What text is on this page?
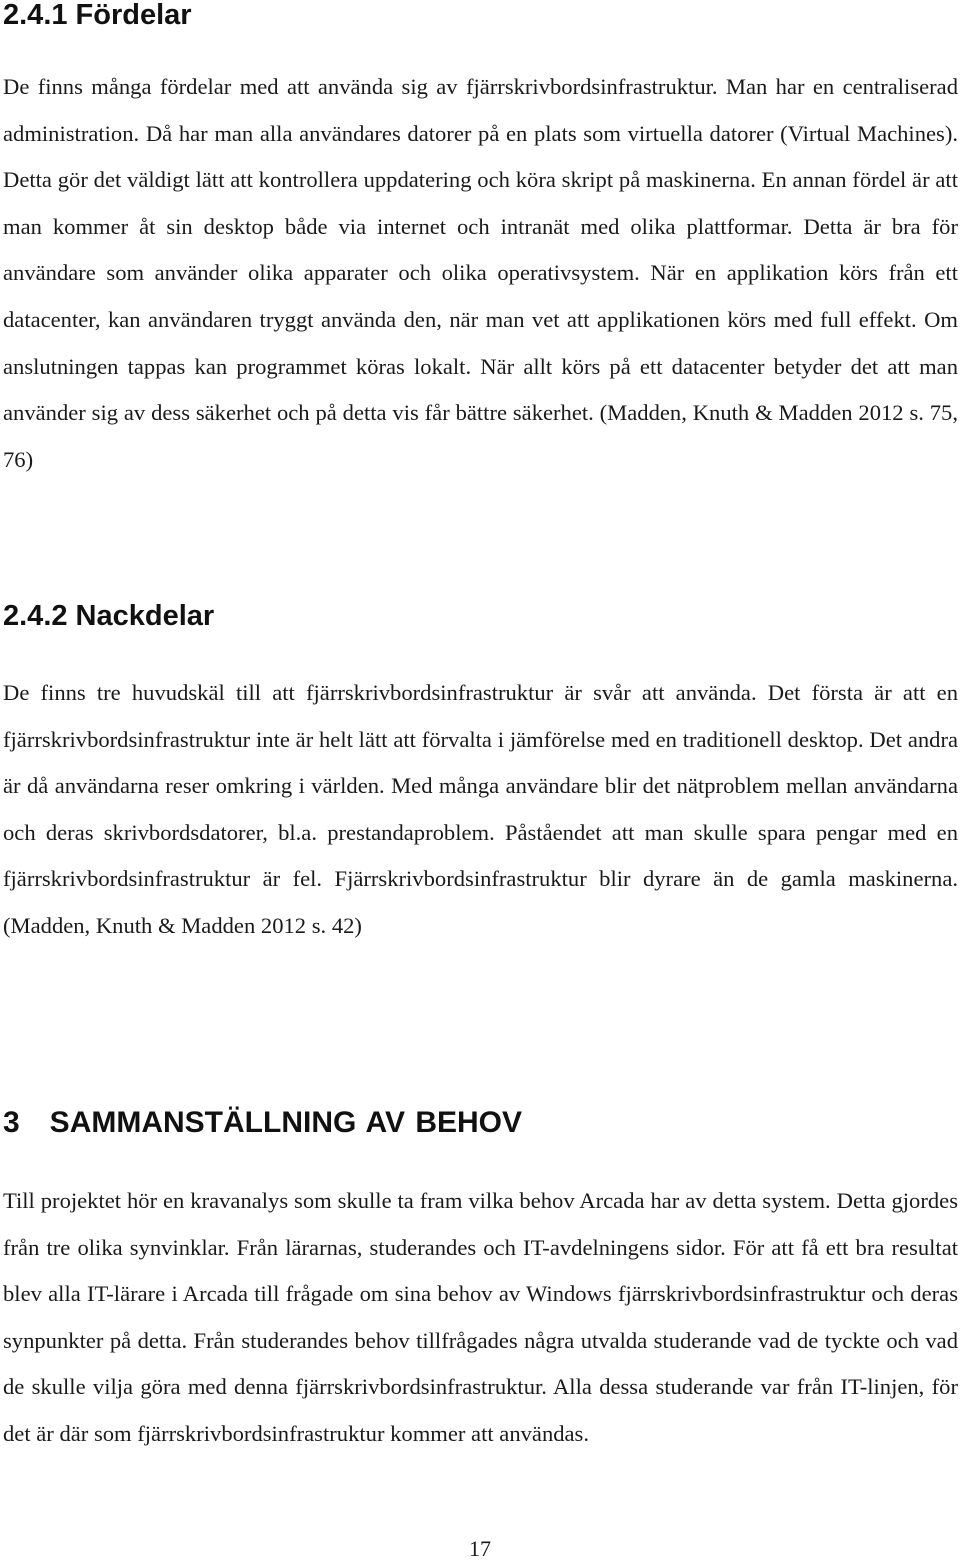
2.4.1 Fördelar

De finns många fördelar med att använda sig av fjärrskrivbordsinfrastruktur. Man har en centraliserad administration. Då har man alla användares datorer på en plats som virtuella datorer (Virtual Machines). Detta gör det väldigt lätt att kontrollera uppdatering och köra skript på maskinerna. En annan fördel är att man kommer åt sin desktop både via internet och intranät med olika plattformar. Detta är bra för användare som använder olika apparater och olika operativsystem. När en applikation körs från ett datacenter, kan användaren tryggt använda den, när man vet att applikationen körs med full effekt. Om anslutningen tappas kan programmet köras lokalt. När allt körs på ett datacenter betyder det att man använder sig av dess säkerhet och på detta vis får bättre säkerhet. (Madden, Knuth & Madden 2012 s. 75, 76)

2.4.2 Nackdelar

De finns tre huvudskäl till att fjärrskrivbordsinfrastruktur är svår att använda. Det första är att en fjärrskrivbordsinfrastruktur inte är helt lätt att förvalta i jämförelse med en traditionell desktop. Det andra är då användarna reser omkring i världen. Med många användare blir det nätproblem mellan användarna och deras skrivbordsdatorer, bl.a. prestandaproblem. Påståendet att man skulle spara pengar med en fjärrskrivbordsinfrastruktur är fel. Fjärrskrivbordsinfrastruktur blir dyrare än de gamla maskinerna. (Madden, Knuth & Madden 2012 s. 42)

3  SAMMANSTÄLLNING AV BEHOV

Till projektet hör en kravanalys som skulle ta fram vilka behov Arcada har av detta system. Detta gjordes från tre olika synvinklar. Från lärarnas, studerandes och IT-avdelningens sidor. För att få ett bra resultat blev alla IT-lärare i Arcada till frågade om sina behov av Windows fjärrskrivbordsinfrastruktur och deras synpunkter på detta. Från studerandes behov tillfrågades några utvalda studerande vad de tyckte och vad de skulle vilja göra med denna fjärrskrivbordsinfrastruktur. Alla dessa studerande var från IT-linjen, för det är där som fjärrskrivbordsinfrastruktur kommer att användas.

17
